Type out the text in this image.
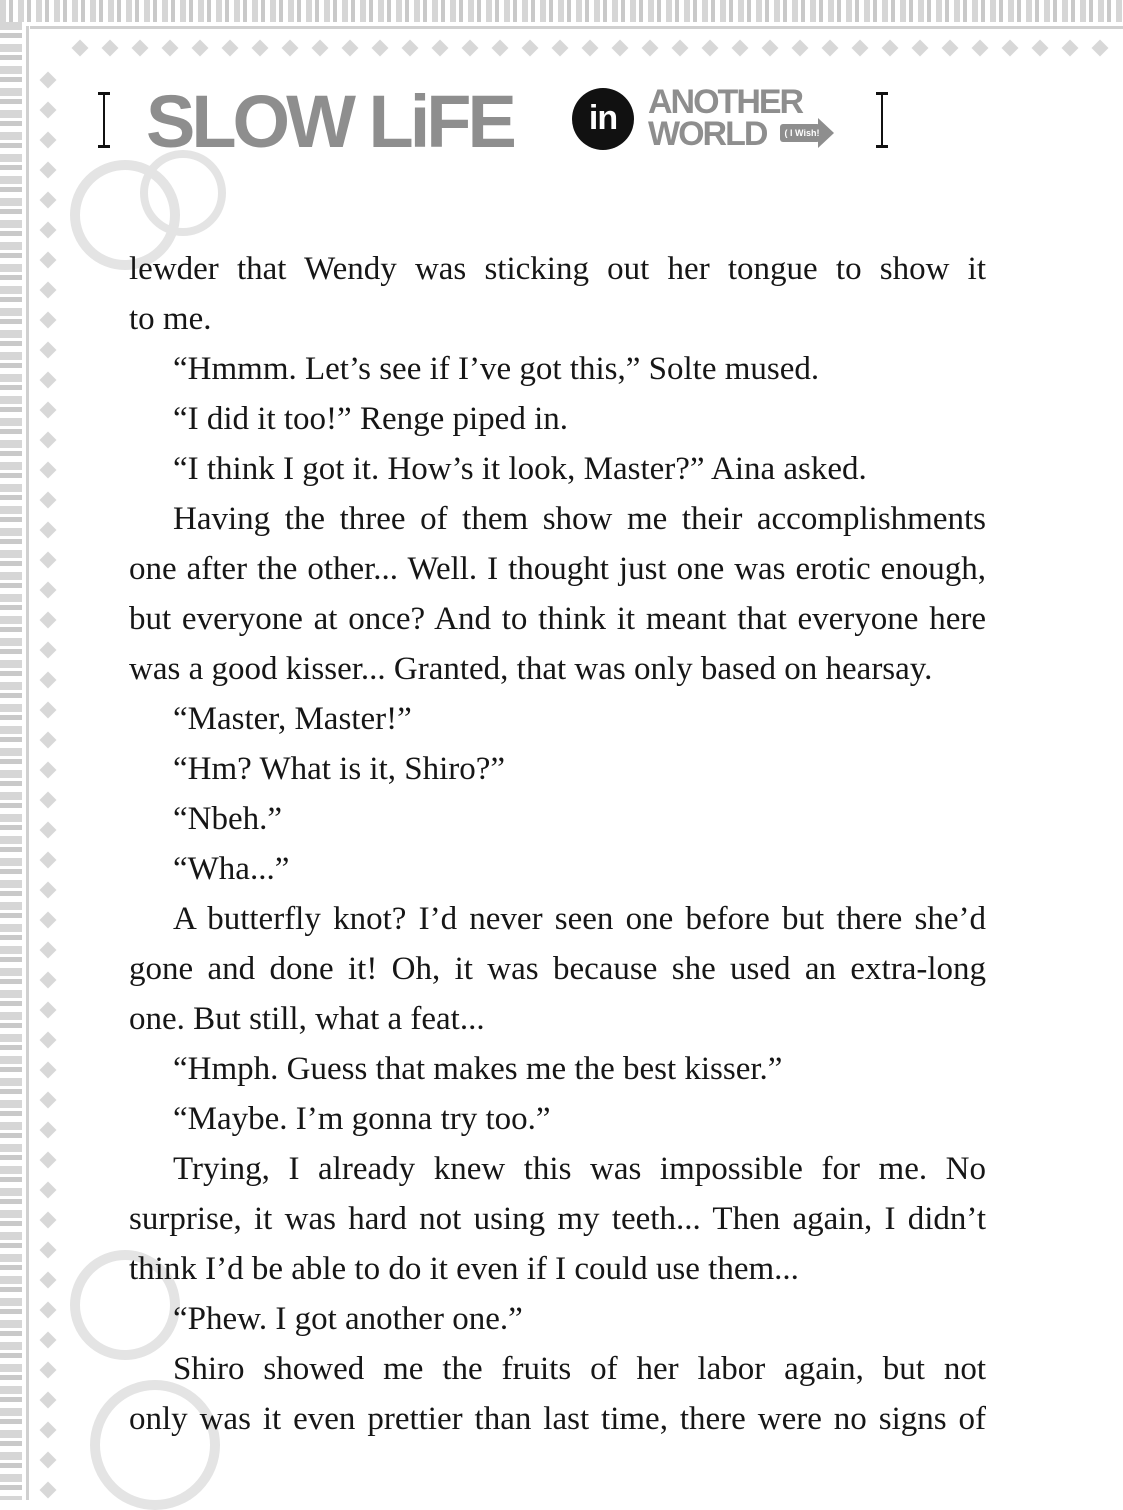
SLOW LiFE	in ANOTHER
WORLD ( I Wish! )
lewder that Wendy was sticking out her tongue to show it
to me.
“Hmmm. Let’s see if I’ve got this,” Solte mused.
“I did it too!” Renge piped in.
“I think I got it. How’s it look, Master?” Aina asked.
Having the three of them show me their accomplishments
one after the other... Well. I thought just one was erotic enough,
but everyone at once? And to think it meant that everyone here
was a good kisser... Granted, that was only based on hearsay.
“Master, Master!”
“Hm? What is it, Shiro?”
“Nbeh.”
“Wha...”
A butterfly knot? I’d never seen one before but there she’d
gone and done it! Oh, it was because she used an extra-long
one. But still, what a feat...
“Hmph. Guess that makes me the best kisser.”
“Maybe. I’m gonna try too.”
Trying, I already knew this was impossible for me. No
surprise, it was hard not using my teeth... Then again, I didn’t
think I’d be able to do it even if I could use them...
“Phew. I got another one.”
Shiro showed me the fruits of her labor again, but not
only was it even prettier than last time, there were no signs of
